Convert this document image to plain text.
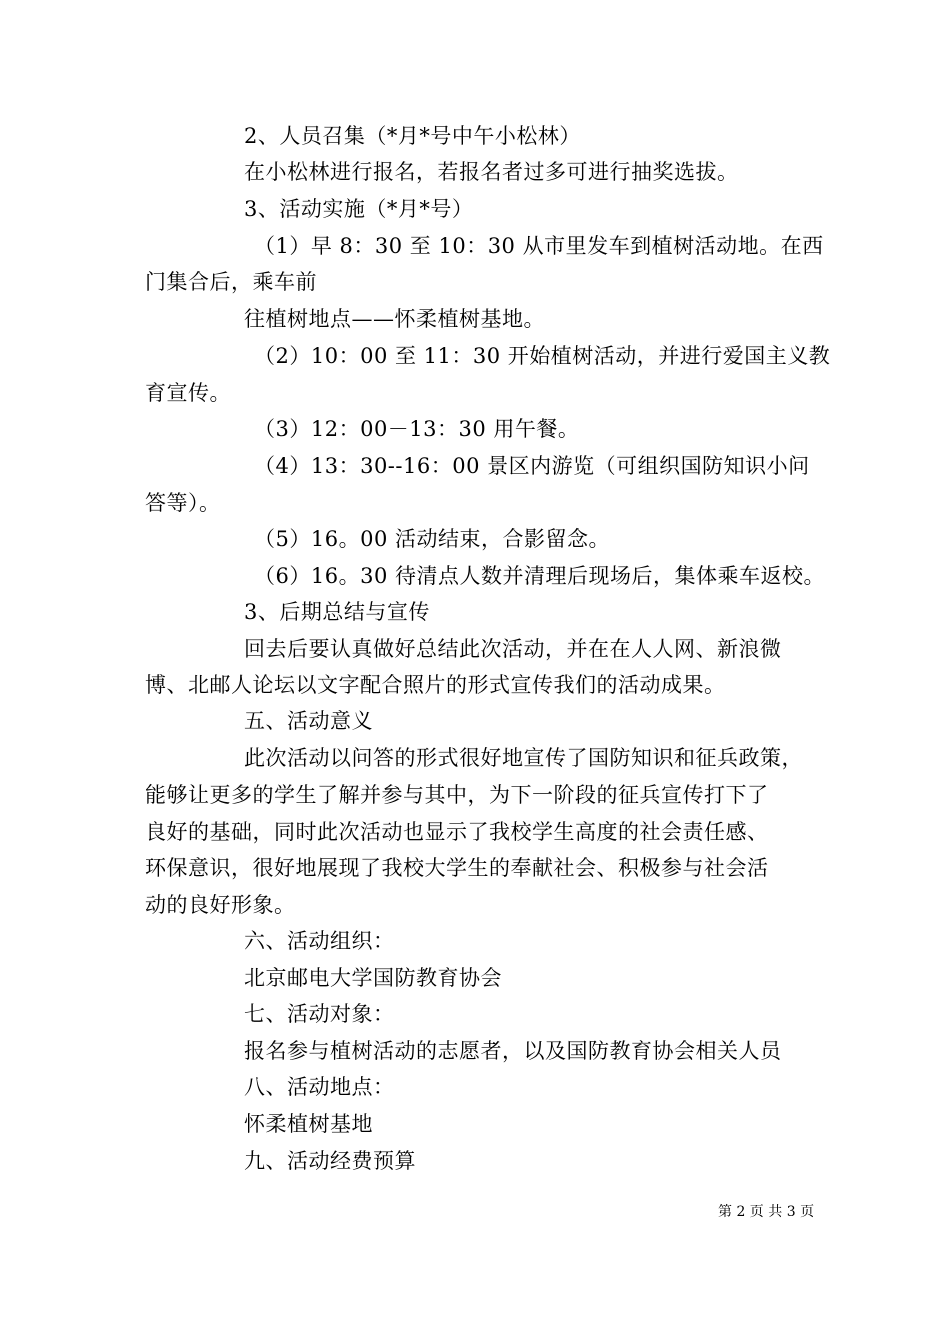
2、人员召集（*月*号中午小松林）
在小松林进行报名，若报名者过多可进行抽奖选拔。
3、活动实施（*月*号）
（1）早 8：30 至 10：30 从市里发车到植树活动地。在西
门集合后，乘车前
往植树地点——怀柔植树基地。
（2）10：00 至 11：30 开始植树活动，并进行爱国主义教
育宣传。
（3）12：00－13：30 用午餐。
（4）13：30--16：00 景区内游览（可组织国防知识小问
答等）。
（5）16。00 活动结束，合影留念。
（6）16。30 待清点人数并清理后现场后，集体乘车返校。
3、后期总结与宣传
回去后要认真做好总结此次活动，并在在人人网、新浪微
博、北邮人论坛以文字配合照片的形式宣传我们的活动成果。
五、活动意义
此次活动以问答的形式很好地宣传了国防知识和征兵政策，
能够让更多的学生了解并参与其中，为下一阶段的征兵宣传打下了
良好的基础，同时此次活动也显示了我校学生高度的社会责任感、
环保意识，很好地展现了我校大学生的奉献社会、积极参与社会活
动的良好形象。
六、活动组织：
北京邮电大学国防教育协会
七、活动对象：
报名参与植树活动的志愿者，以及国防教育协会相关人员
八、活动地点：
怀柔植树基地
九、活动经费预算
第 2 页 共 3 页
